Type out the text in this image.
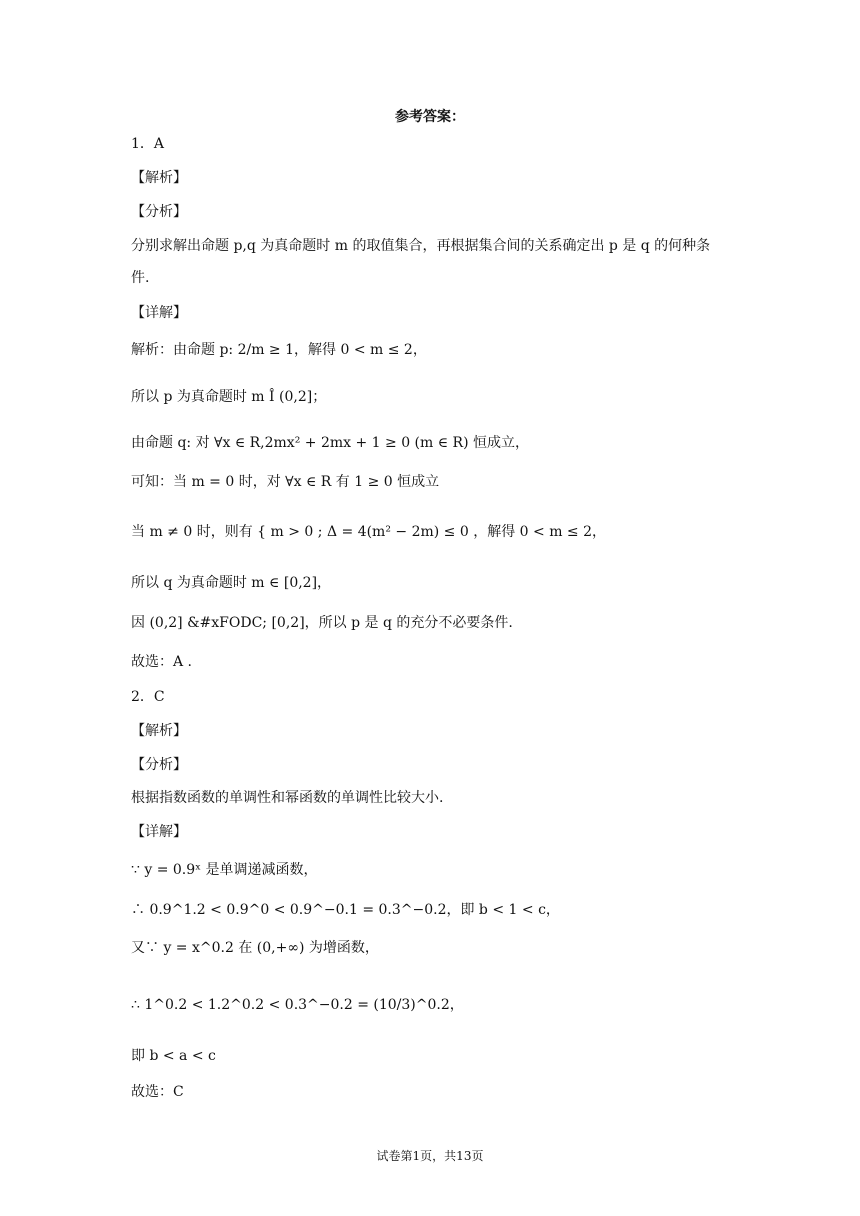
参考答案：
1．A
【解析】
【分析】
分别求解出命题 p,q 为真命题时 m 的取值集合，再根据集合间的关系确定出 p 是 q 的何种条
件.
【详解】
解析：由命题 p: 2/m ≥ 1，解得 0 < m ≤ 2，
所以 p 为真命题时 m Î (0,2]；
由命题 q: 对 ∀x ∈ R,2mx² + 2mx + 1 ≥ 0 (m ∈ R) 恒成立，
可知：当 m = 0 时，对 ∀x ∈ R 有 1 ≥ 0 恒成立
当 m ≠ 0 时，则有 { m > 0 ; Δ = 4(m² − 2m) ≤ 0 ，解得 0 < m ≤ 2，
所以 q 为真命题时 m ∈ [0,2]，
因 (0,2] &#xFODC; [0,2]，所以 p 是 q 的充分不必要条件.
故选：A .
2．C
【解析】
【分析】
根据指数函数的单调性和幂函数的单调性比较大小.
【详解】
∵ y = 0.9ˣ 是单调递减函数，
∴ 0.9^1.2 < 0.9^0 < 0.9^−0.1 = 0.3^−0.2，即 b < 1 < c，
又∵ y = x^0.2 在 (0,+∞) 为增函数，
∴ 1^0.2 < 1.2^0.2 < 0.3^−0.2 = (10/3)^0.2，
即 b < a < c
故选：C
试卷第1页，共13页
